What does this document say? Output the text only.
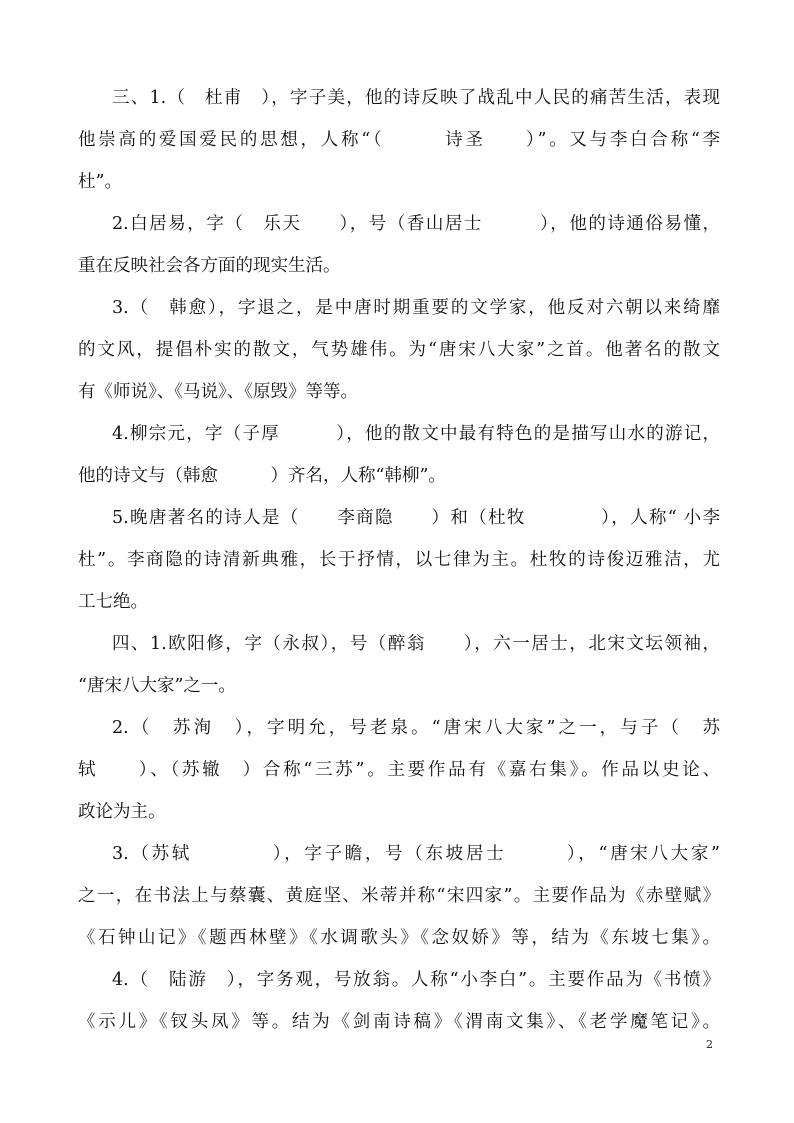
三、1.（　杜甫　），字子美，他的诗反映了战乱中人民的痛苦生活，表现
他崇高的爱国爱民的思想，人称“（　　　诗圣　　）”。又与李白合称“李
杜”。
2.白居易，字（　乐天　　），号（香山居士　　　），他的诗通俗易懂，
重在反映社会各方面的现实生活。
3.（　韩愈），字退之，是中唐时期重要的文学家，他反对六朝以来绮靡
的文风，提倡朴实的散文，气势雄伟。为“唐宋八大家”之首。他著名的散文
有《师说》、《马说》、《原毁》等等。
4.柳宗元，字（子厚　　　），他的散文中最有特色的是描写山水的游记，
他的诗文与（韩愈　　　）齐名，人称“韩柳”。
5.晚唐著名的诗人是（　　李商隐　　）和（杜牧　　　　），人称“ 小李
杜”。李商隐的诗清新典雅，长于抒情，以七律为主。杜牧的诗俊迈雅洁，尤
工七绝。
四、1.欧阳修，字（永叔），号（醉翁　　），六一居士，北宋文坛领袖，
“唐宋八大家”之一。
2.（　苏洵　），字明允，号老泉。“唐宋八大家”之一，与子（　苏
轼　　）、（苏辙　）合称“三苏”。主要作品有《嘉右集》。作品以史论、
政论为主。
3.（苏轼　　　　），字子瞻，号（东坡居士　　　），“唐宋八大家”
之一，在书法上与蔡囊、黄庭坚、米蒂并称“宋四家”。主要作品为《赤壁赋》
《石钟山记》《题西林壁》《水调歌头》《念奴娇》等，结为《东坡七集》。
4.（　陆游　），字务观，号放翁。人称“小李白”。主要作品为《书愤》
《示儿》《钗头凤》等。结为《剑南诗稿》《渭南文集》、《老学魔笔记》。
2
